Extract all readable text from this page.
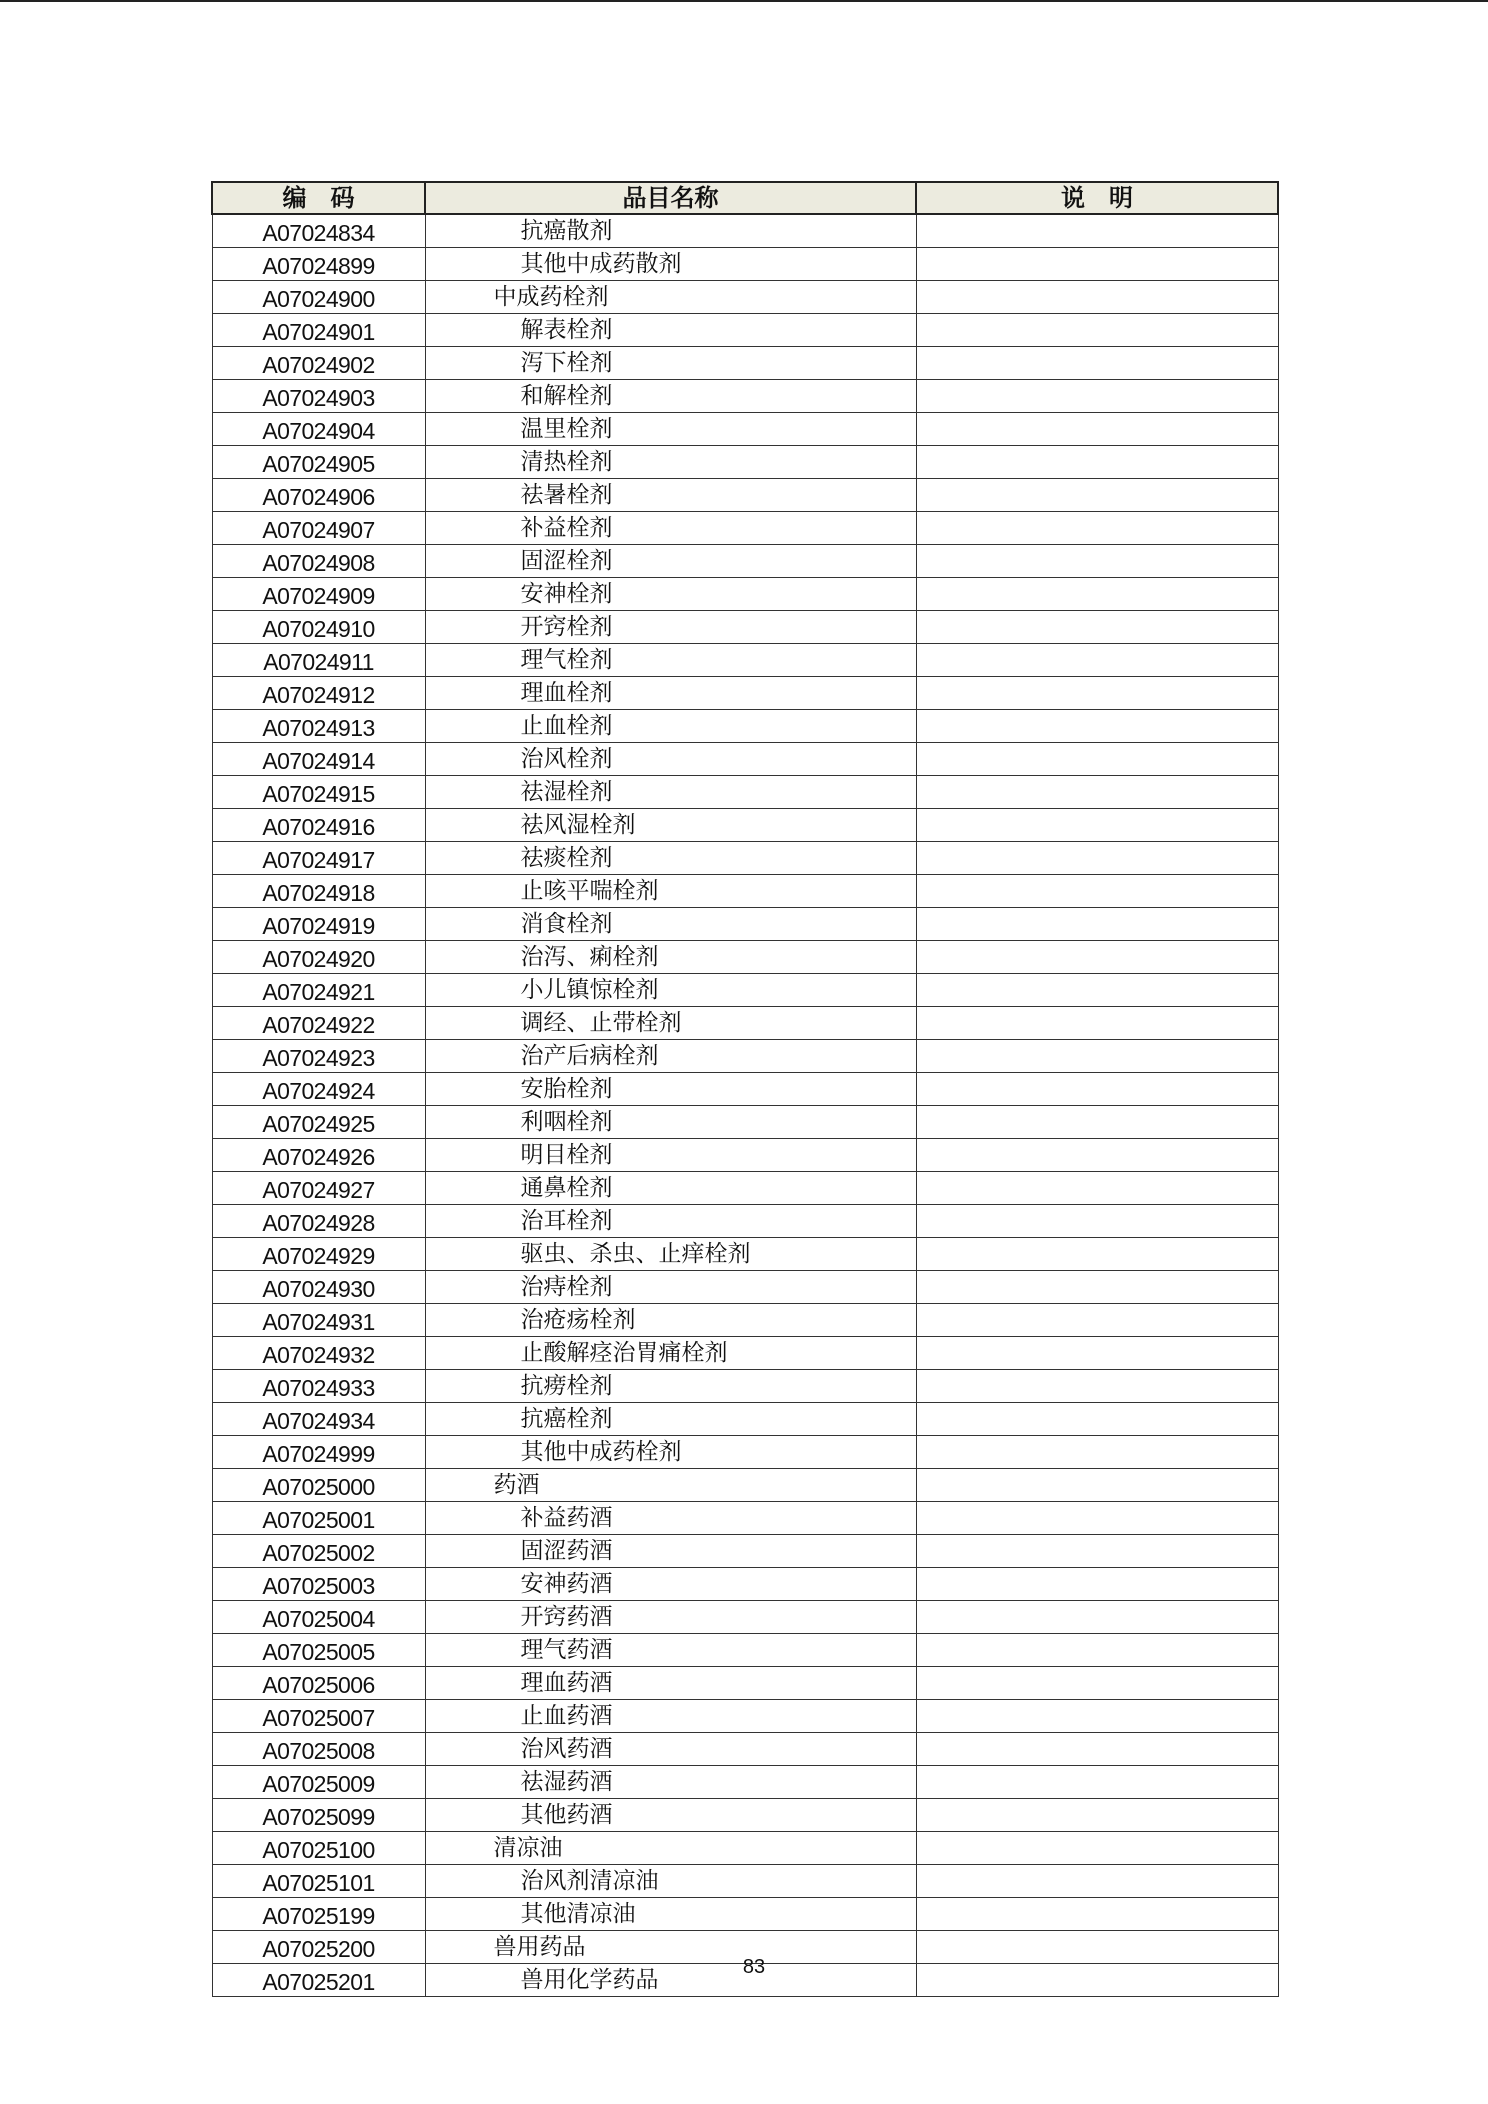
编　码	品目名称	说　明
A07024834	抗癌散剂	
A07024899	其他中成药散剂	
A07024900	中成药栓剂	
A07024901	解表栓剂	
A07024902	泻下栓剂	
A07024903	和解栓剂	
A07024904	温里栓剂	
A07024905	清热栓剂	
A07024906	祛暑栓剂	
A07024907	补益栓剂	
A07024908	固涩栓剂	
A07024909	安神栓剂	
A07024910	开窍栓剂	
A07024911	理气栓剂	
A07024912	理血栓剂	
A07024913	止血栓剂	
A07024914	治风栓剂	
A07024915	祛湿栓剂	
A07024916	祛风湿栓剂	
A07024917	祛痰栓剂	
A07024918	止咳平喘栓剂	
A07024919	消食栓剂	
A07024920	治泻、痢栓剂	
A07024921	小儿镇惊栓剂	
A07024922	调经、止带栓剂	
A07024923	治产后病栓剂	
A07024924	安胎栓剂	
A07024925	利咽栓剂	
A07024926	明目栓剂	
A07024927	通鼻栓剂	
A07024928	治耳栓剂	
A07024929	驱虫、杀虫、止痒栓剂	
A07024930	治痔栓剂	
A07024931	治疮疡栓剂	
A07024932	止酸解痉治胃痛栓剂	
A07024933	抗痨栓剂	
A07024934	抗癌栓剂	
A07024999	其他中成药栓剂	
A07025000	药酒	
A07025001	补益药酒	
A07025002	固涩药酒	
A07025003	安神药酒	
A07025004	开窍药酒	
A07025005	理气药酒	
A07025006	理血药酒	
A07025007	止血药酒	
A07025008	治风药酒	
A07025009	祛湿药酒	
A07025099	其他药酒	
A07025100	清凉油	
A07025101	治风剂清凉油	
A07025199	其他清凉油	
A07025200	兽用药品	
A07025201	兽用化学药品		83
